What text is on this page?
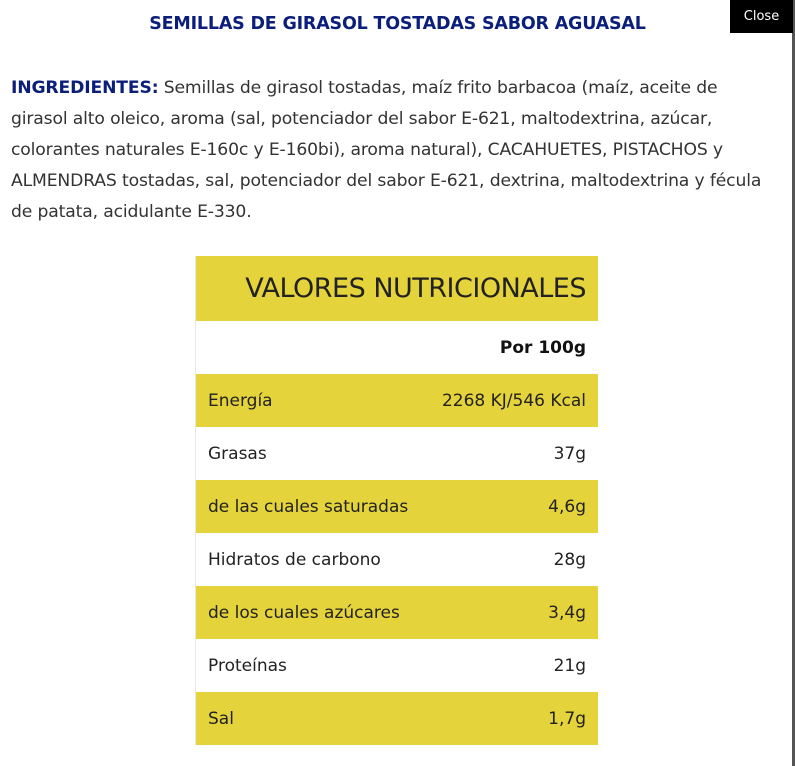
Close
SEMILLAS DE GIRASOL TOSTADAS SABOR AGUASAL
INGREDIENTES: Semillas de girasol tostadas, maíz frito barbacoa (maíz, aceite de girasol alto oleico, aroma (sal, potenciador del sabor E-621, maltodextrina, azúcar, colorantes naturales E-160c y E-160bi), aroma natural), CACAHUETES, PISTACHOS y ALMENDRAS tostadas, sal, potenciador del sabor E-621, dextrina, maltodextrina y fécula de patata, acidulante E-330.
VALORES NUTRICIONALES	
Por 100g	
Energía	2268 KJ/546 Kcal
Grasas	37g
de las cuales saturadas	4,6g
Hidratos de carbono	28g
de los cuales azúcares	3,4g
Proteínas	21g
Sal	1,7g
